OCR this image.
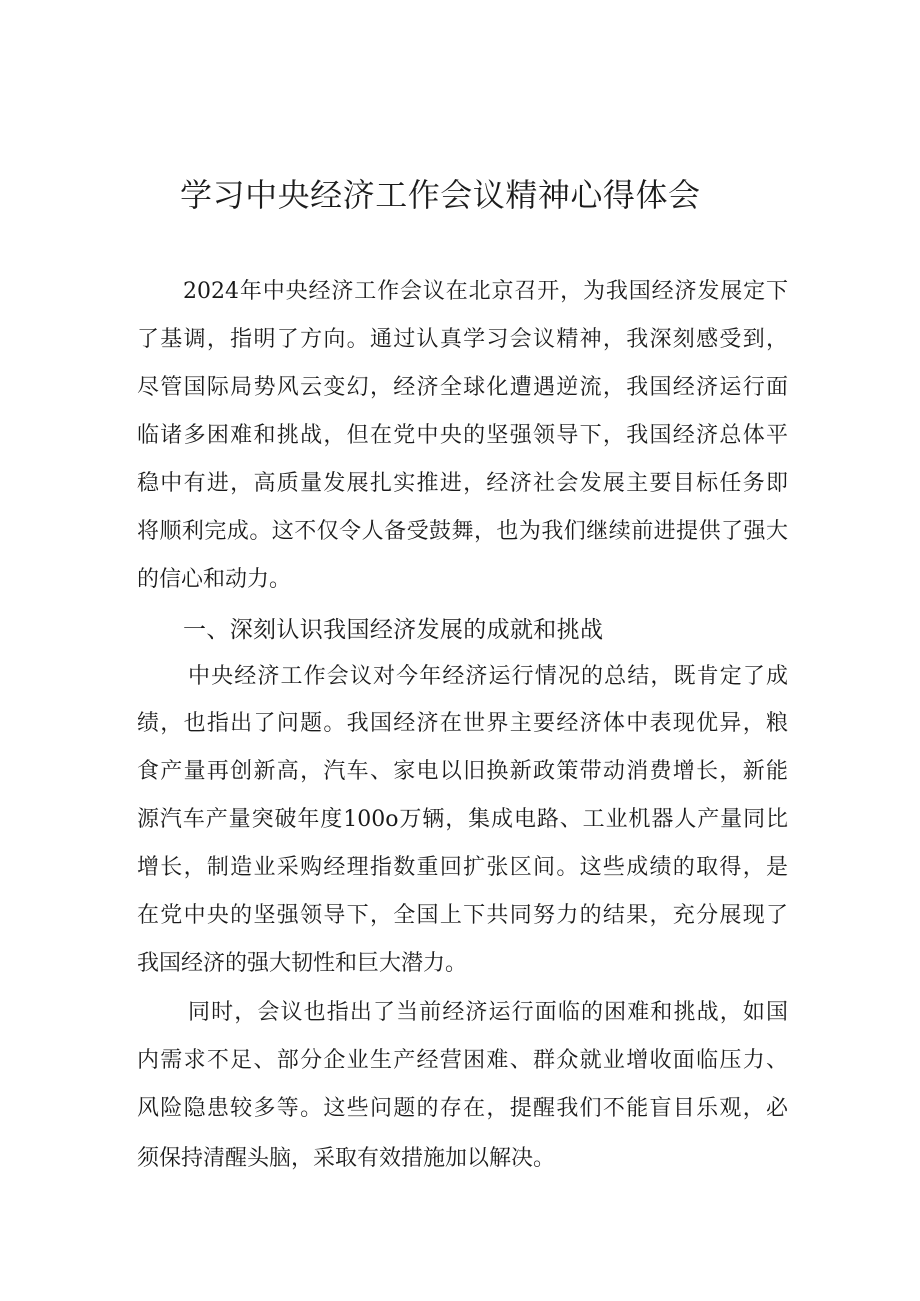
学习中央经济工作会议精神心得体会
2024年中央经济工作会议在北京召开，为我国经济发展定下
了基调，指明了方向。通过认真学习会议精神，我深刻感受到，
尽管国际局势风云变幻，经济全球化遭遇逆流，我国经济运行面
临诸多困难和挑战，但在党中央的坚强领导下，我国经济总体平
稳中有进，高质量发展扎实推进，经济社会发展主要目标任务即
将顺利完成。这不仅令人备受鼓舞，也为我们继续前进提供了强大
的信心和动力。
一、深刻认识我国经济发展的成就和挑战
中央经济工作会议对今年经济运行情况的总结，既肯定了成
绩，也指出了问题。我国经济在世界主要经济体中表现优异，粮
食产量再创新高，汽车、家电以旧换新政策带动消费增长，新能
源汽车产量突破年度100o万辆，集成电路、工业机器人产量同比
增长，制造业采购经理指数重回扩张区间。这些成绩的取得，是
在党中央的坚强领导下，全国上下共同努力的结果，充分展现了
我国经济的强大韧性和巨大潜力。
同时，会议也指出了当前经济运行面临的困难和挑战，如国
内需求不足、部分企业生产经营困难、群众就业增收面临压力、
风险隐患较多等。这些问题的存在，提醒我们不能盲目乐观，必
须保持清醒头脑，采取有效措施加以解决。
